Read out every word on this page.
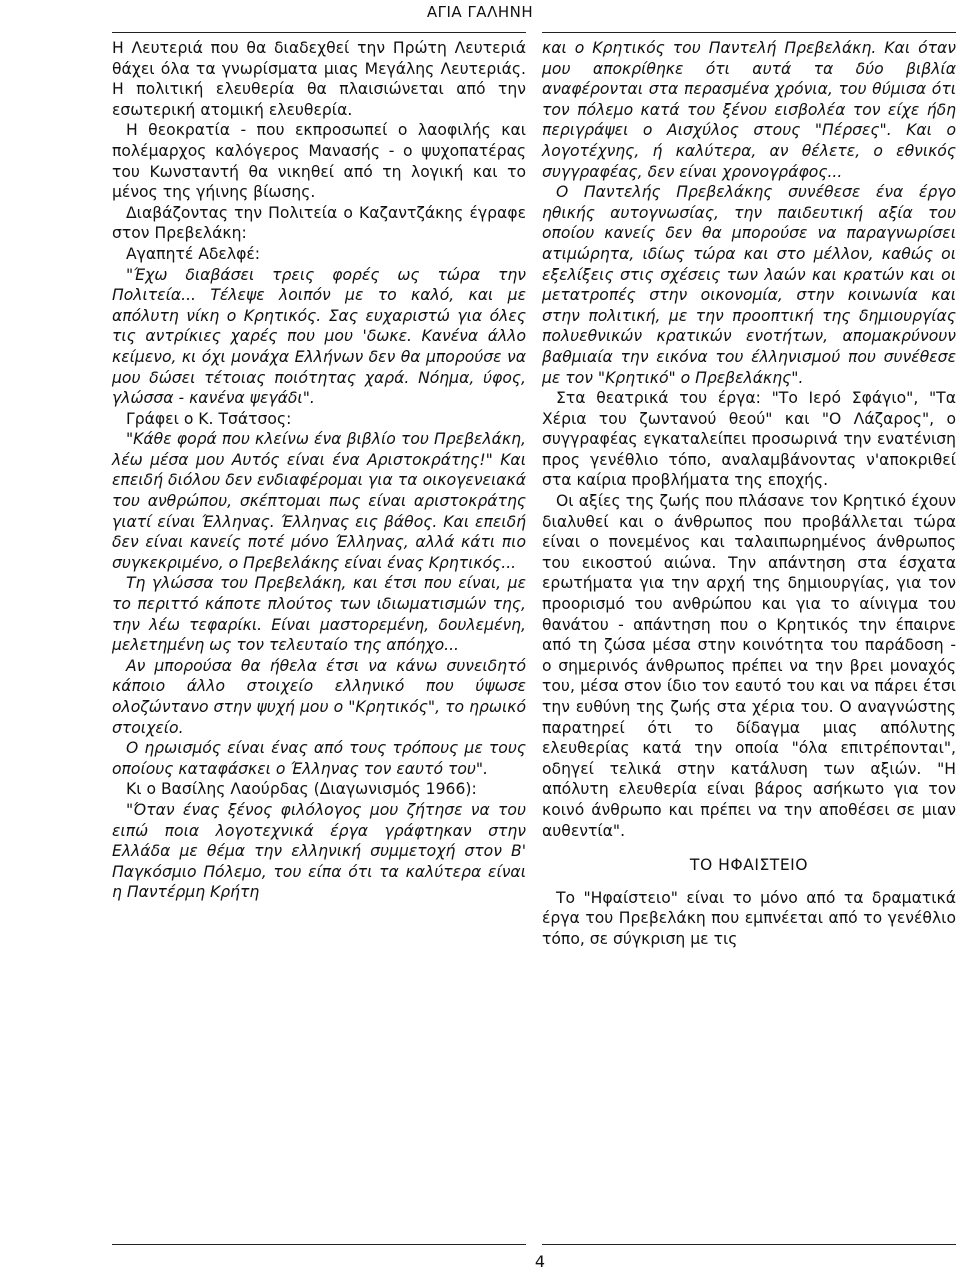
ΑΓΙΑ ΓΑΛΗΝΗ

Η Λευτεριά που θα διαδεχθεί την Πρώτη Λευτεριά θάχει όλα τα γνωρίσματα μιας Μεγάλης Λευτεριάς. Η πολιτική ελευθερία θα πλαισιώνεται από την εσωτερική ατομική ελευθερία.

Η θεοκρατία - που εκπροσωπεί ο λαοφιλής και πολέμαρχος καλόγερος Μανασής - ο ψυχοπατέρας του Κωνσταντή θα νικηθεί από τη λογική και το μένος της γήινης βίωσης.

Διαβάζοντας την Πολιτεία ο Καζαντζάκης έγραφε στον Πρεβελάκη:

Αγαπητέ Αδελφέ:

"Έχω διαβάσει τρεις φορές ως τώρα την Πολιτεία... Τέλεψε λοιπόν με το καλό, και με απόλυτη νίκη ο Κρητικός. Σας ευχαριστώ για όλες τις αντρίκιες χαρές που μου 'δωκε. Κανένα άλλο κείμενο, κι όχι μονάχα Ελλήνων δεν θα μπορούσε να μου δώσει τέτοιας ποιότητας χαρά. Νόημα, ύφος, γλώσσα - κανένα ψεγάδι".

Γράφει ο Κ. Τσάτσος:

"Κάθε φορά που κλείνω ένα βιβλίο του Πρεβελάκη, λέω μέσα μου Αυτός είναι ένα Αριστοκράτης!" Και επειδή διόλου δεν ενδιαφέρομαι για τα οικογενειακά του ανθρώπου, σκέπτομαι πως είναι αριστοκράτης γιατί είναι Έλληνας. Έλληνας εις βάθος. Και επειδή δεν είναι κανείς ποτέ μόνο Έλληνας, αλλά κάτι πιο συγκεκριμένο, ο Πρεβελάκης είναι ένας Κρητικός...

Τη γλώσσα του Πρεβελάκη, και έτσι που είναι, με το περιττό κάποτε πλούτος των ιδιωματισμών της, την λέω τεφαρίκι. Είναι μαστορεμένη, δουλεμένη, μελετημένη ως τον τελευταίο της απόηχο...

Αν μπορούσα θα ήθελα έτσι να κάνω συνειδητό κάποιο άλλο στοιχείο ελληνικό που ύψωσε ολοζώντανο στην ψυχή μου ο "Κρητικός", το ηρωικό στοιχείο.

Ο ηρωισμός είναι ένας από τους τρόπους με τους οποίους καταφάσκει ο Έλληνας τον εαυτό του".

Κι ο Βασίλης Λαούρδας (Διαγωνισμός 1966):

"Όταν ένας ξένος φιλόλογος μου ζήτησε να του ειπώ ποια λογοτεχνικά έργα γράφτηκαν στην Ελλάδα με θέμα την ελληνική συμμετοχή στον Β' Παγκόσμιο Πόλεμο, του είπα ότι τα καλύτερα είναι η Παντέρμη Κρήτη

και ο Κρητικός του Παντελή Πρεβελάκη. Και όταν μου αποκρίθηκε ότι αυτά τα δύο βιβλία αναφέρονται στα περασμένα χρόνια, του θύμισα ότι τον πόλεμο κατά του ξένου εισβολέα τον είχε ήδη περιγράψει ο Αισχύλος στους "Πέρσες". Και ο λογοτέχνης, ή καλύτερα, αν θέλετε, ο εθνικός συγγραφέας, δεν είναι χρονογράφος...

Ο Παντελής Πρεβελάκης συνέθεσε ένα έργο ηθικής αυτογνωσίας, την παιδευτική αξία του οποίου κανείς δεν θα μπορούσε να παραγνωρίσει ατιμώρητα, ιδίως τώρα και στο μέλλον, καθώς οι εξελίξεις στις σχέσεις των λαών και κρατών και οι μετατροπές στην οικονομία, στην κοινωνία και στην πολιτική, με την προοπτική της δημιουργίας πολυεθνικών κρατικών ενοτήτων, απομακρύνουν βαθμιαία την εικόνα του έλληνισμού που συνέθεσε με τον "Κρητικό" ο Πρεβελάκης".

Στα θεατρικά του έργα: "Το Ιερό Σφάγιο", "Τα Χέρια του ζωντανού θεού" και "Ο Λάζαρος", ο συγγραφέας εγκαταλείπει προσωρινά την ενατένιση προς γενέθλιο τόπο, αναλαμβάνοντας ν'αποκριθεί στα καίρια προβλήματα της εποχής.

Οι αξίες της ζωής που πλάσανε τον Κρητικό έχουν διαλυθεί και ο άνθρωπος που προβάλλεται τώρα είναι ο πονεμένος και ταλαιπωρημένος άνθρωπος του εικοστού αιώνα. Την απάντηση στα έσχατα ερωτήματα για την αρχή της δημιουργίας, για τον προορισμό του ανθρώπου και για το αίνιγμα του θανάτου - απάντηση που ο Κρητικός την έπαιρνε από τη ζώσα μέσα στην κοινότητα του παράδοση - ο σημερινός άνθρωπος πρέπει να την βρει μοναχός του, μέσα στον ίδιο τον εαυτό του και να πάρει έτσι την ευθύνη της ζωής στα χέρια του. Ο αναγνώστης παρατηρεί ότι το δίδαγμα μιας απόλυτης ελευθερίας κατά την οποία "όλα επιτρέπονται", οδηγεί τελικά στην κατάλυση των αξιών. "Η απόλυτη ελευθερία είναι βάρος ασήκωτο για τον κοινό άνθρωπο και πρέπει να την αποθέσει σε μιαν αυθεντία".

ΤΟ ΗΦΑΙΣΤΕΙΟ

Το "Ηφαίστειο" είναι το μόνο από τα δραματικά έργα του Πρεβελάκη που εμπνέεται από το γενέθλιο τόπο, σε σύγκριση με τις

4
